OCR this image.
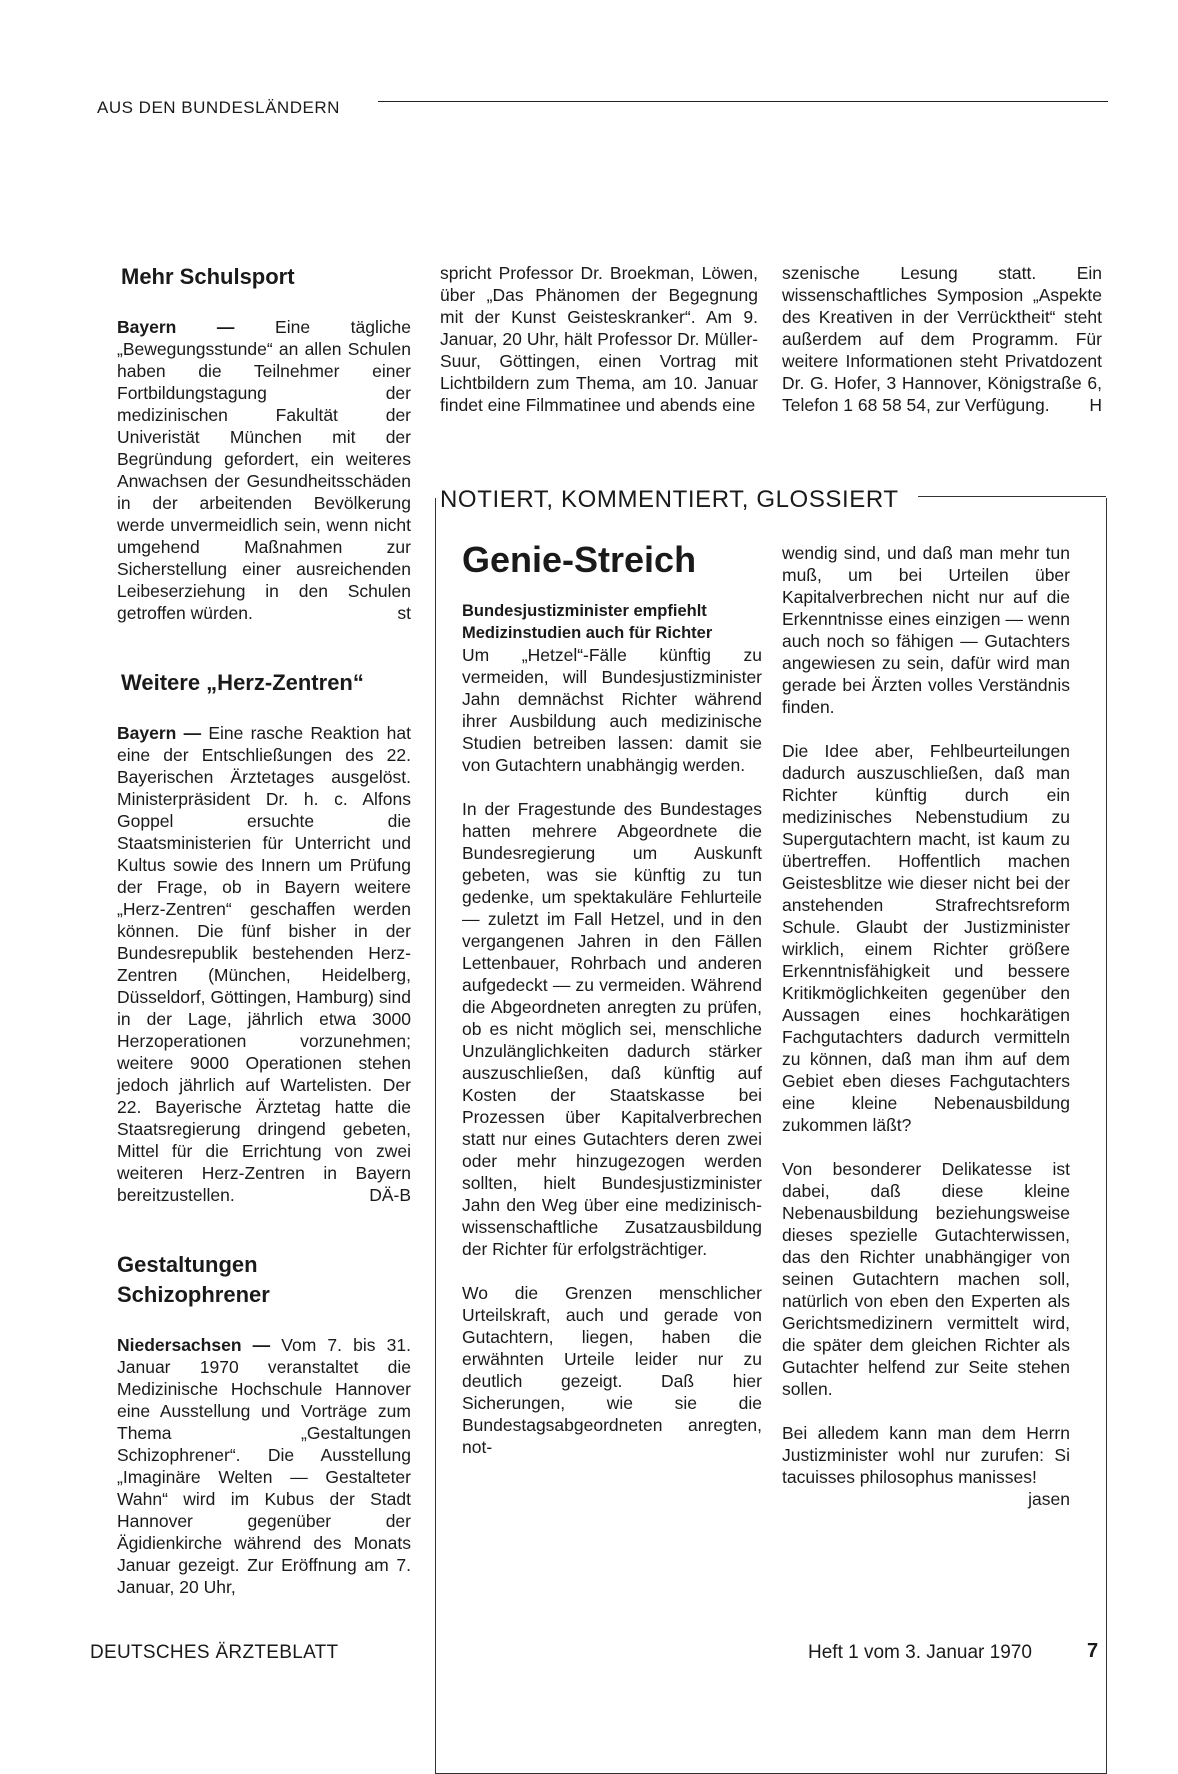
AUS DEN BUNDESLÄNDERN
Mehr Schulsport

Bayern — Eine tägliche „Bewegungsstunde“ an allen Schulen haben die Teilnehmer einer Fortbildungstagung der medizinischen Fakultät der Univeristät München mit der Begründung gefordert, ein weiteres Anwachsen der Gesundheitsschäden in der arbeitenden Bevölkerung werde unvermeidlich sein, wenn nicht umgehend Maßnahmen zur Sicherstellung einer ausreichenden Leibeserziehung in den Schulen getroffen würden.	st

Weitere „Herz-Zentren“

Bayern — Eine rasche Reaktion hat eine der Entschließungen des 22. Bayerischen Ärztetages ausgelöst. Ministerpräsident Dr. h. c. Alfons Goppel ersuchte die Staatsministerien für Unterricht und Kultus sowie des Innern um Prüfung der Frage, ob in Bayern weitere „Herz-Zentren“ geschaffen werden können. Die fünf bisher in der Bundesrepublik bestehenden Herz-Zentren (München, Heidelberg, Düsseldorf, Göttingen, Hamburg) sind in der Lage, jährlich etwa 3000 Herzoperationen vorzunehmen; weitere 9000 Operationen stehen jedoch jährlich auf Wartelisten. Der 22. Bayerische Ärztetag hatte die Staatsregierung dringend gebeten, Mittel für die Errichtung von zwei weiteren Herz-Zentren in Bayern bereitzustellen.	DÄ-B

Gestaltungen
Schizophrener

Niedersachsen — Vom 7. bis 31. Januar 1970 veranstaltet die Medizinische Hochschule Hannover eine Ausstellung und Vorträge zum Thema „Gestaltungen Schizophrener“. Die Ausstellung „Imaginäre Welten — Gestalteter Wahn“ wird im Kubus der Stadt Hannover gegenüber der Ägidienkirche während des Monats Januar gezeigt. Zur Eröffnung am 7. Januar, 20 Uhr,

spricht Professor Dr. Broekman, Löwen, über „Das Phänomen der Begegnung mit der Kunst Geisteskranker“. Am 9. Januar, 20 Uhr, hält Professor Dr. Müller-Suur, Göttingen, einen Vortrag mit Lichtbildern zum Thema, am 10. Januar findet eine Filmmatinee und abends eine

szenische Lesung statt. Ein wissenschaftliches Symposion „Aspekte des Kreativen in der Verrücktheit“ steht außerdem auf dem Programm. Für weitere Informationen steht Privatdozent Dr. G. Hofer, 3 Hannover, Königstraße 6, Telefon 1 68 58 54, zur Verfügung. H

NOTIERT, KOMMENTIERT, GLOSSIERT
Genie-Streich

Bundesjustizminister empfiehlt Medizinstudien auch für Richter

Um „Hetzel“-Fälle künftig zu vermeiden, will Bundesjustizminister Jahn demnächst Richter während ihrer Ausbildung auch medizinische Studien betreiben lassen: damit sie von Gutachtern unabhängig werden.

In der Fragestunde des Bundestages hatten mehrere Abgeordnete die Bundesregierung um Auskunft gebeten, was sie künftig zu tun gedenke, um spektakuläre Fehlurteile — zuletzt im Fall Hetzel, und in den vergangenen Jahren in den Fällen Lettenbauer, Rohrbach und anderen aufgedeckt — zu vermeiden. Während die Abgeordneten anregten zu prüfen, ob es nicht möglich sei, menschliche Unzulänglichkeiten dadurch stärker auszuschließen, daß künftig auf Kosten der Staatskasse bei Prozessen über Kapitalverbrechen statt nur eines Gutachters deren zwei oder mehr hinzugezogen werden sollten, hielt Bundesjustizminister Jahn den Weg über eine medizinisch-wissenschaftliche Zusatzausbildung der Richter für erfolgsträchtiger.

Wo die Grenzen menschlicher Urteilskraft, auch und gerade von Gutachtern, liegen, haben die erwähnten Urteile leider nur zu deutlich gezeigt. Daß hier Sicherungen, wie sie die Bundestagsabgeordneten anregten, not-

wendig sind, und daß man mehr tun muß, um bei Urteilen über Kapitalverbrechen nicht nur auf die Erkenntnisse eines einzigen — wenn auch noch so fähigen — Gutachters angewiesen zu sein, dafür wird man gerade bei Ärzten volles Verständnis finden.

Die Idee aber, Fehlbeurteilungen dadurch auszuschließen, daß man Richter künftig durch ein medizinisches Nebenstudium zu Supergutachtern macht, ist kaum zu übertreffen. Hoffentlich machen Geistesblitze wie dieser nicht bei der anstehenden Strafrechtsreform Schule. Glaubt der Justizminister wirklich, einem Richter größere Erkenntnisfähigkeit und bessere Kritikmöglichkeiten gegenüber den Aussagen eines hochkarätigen Fachgutachters dadurch vermitteln zu können, daß man ihm auf dem Gebiet eben dieses Fachgutachters eine kleine Nebenausbildung zukommen läßt?

Von besonderer Delikatesse ist dabei, daß diese kleine Nebenausbildung beziehungsweise dieses spezielle Gutachterwissen, das den Richter unabhängiger von seinen Gutachtern machen soll, natürlich von eben den Experten als Gerichtsmedizinern vermittelt wird, die später dem gleichen Richter als Gutachter helfend zur Seite stehen sollen.

Bei alledem kann man dem Herrn Justizminister wohl nur zurufen: Si tacuisses philosophus manisses!
jasen

DEUTSCHES ÄRZTEBLATT	Heft 1 vom 3. Januar 1970	7
